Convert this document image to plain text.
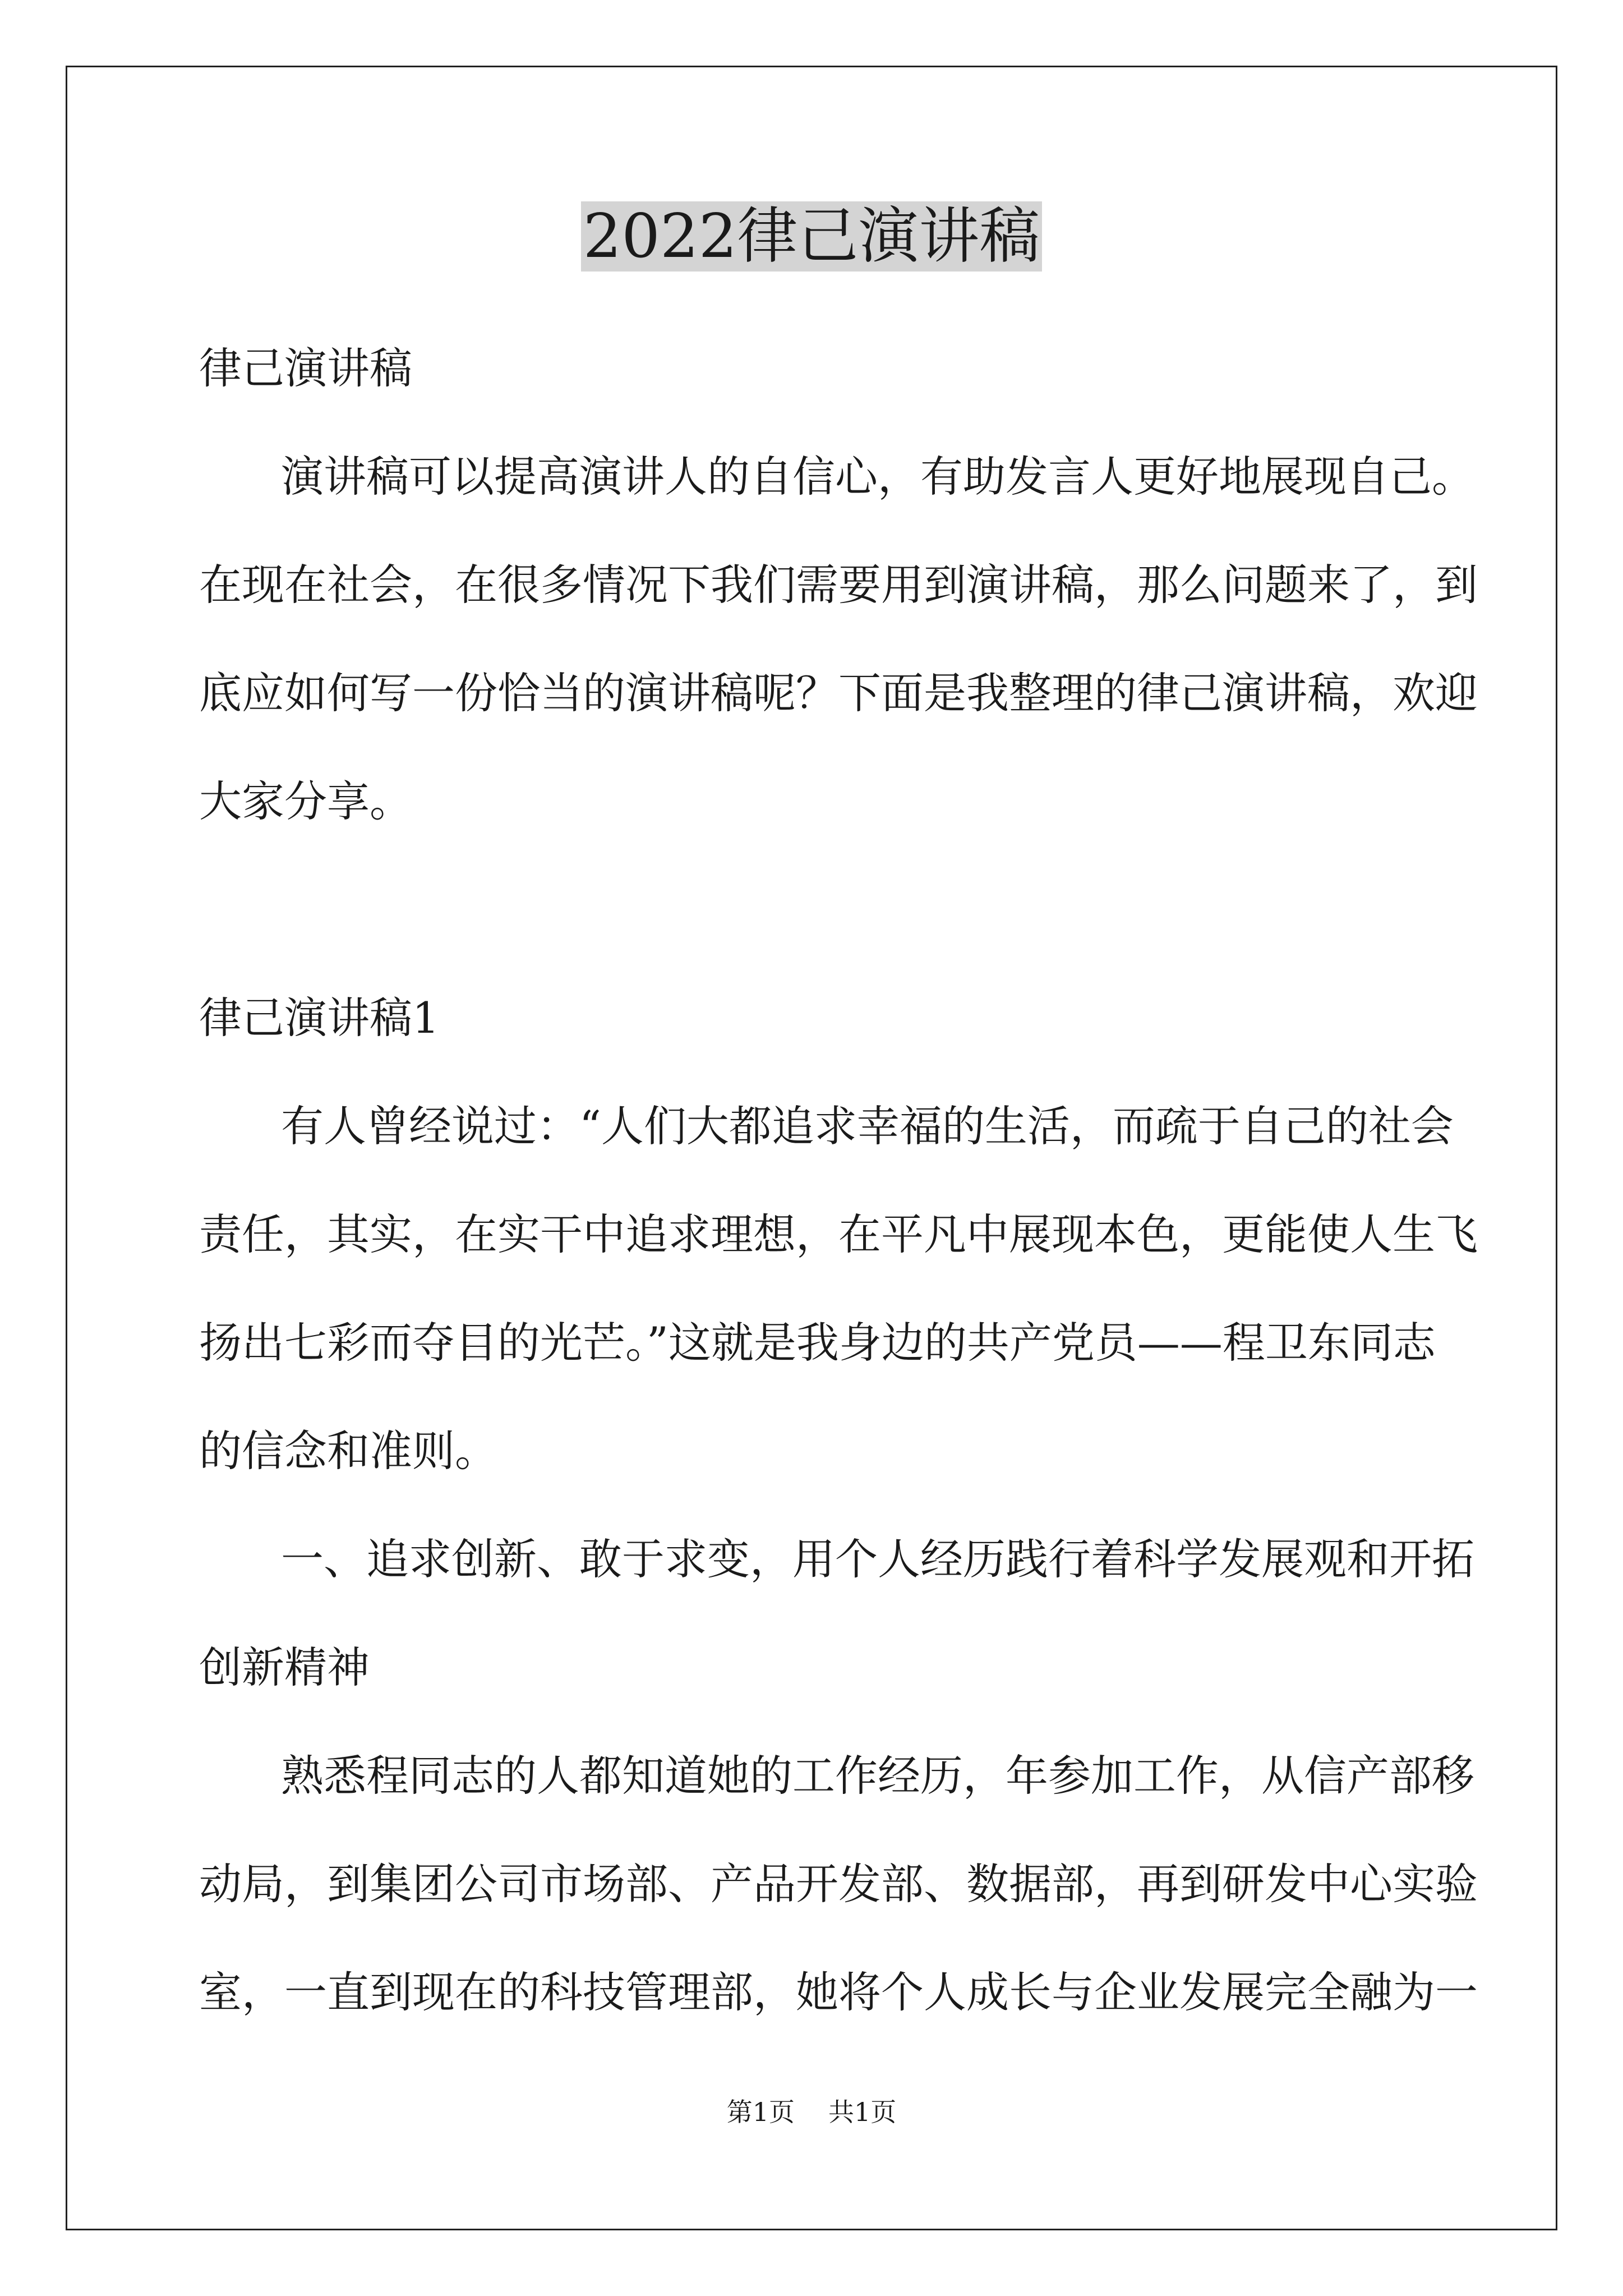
2022律己演讲稿
律己演讲稿
演讲稿可以提高演讲人的自信心，有助发言人更好地展现自己。
在现在社会，在很多情况下我们需要用到演讲稿，那么问题来了，到
底应如何写一份恰当的演讲稿呢？下面是我整理的律己演讲稿，欢迎
大家分享。
律己演讲稿1
有人曾经说过：“人们大都追求幸福的生活，而疏于自己的社会
责任，其实，在实干中追求理想，在平凡中展现本色，更能使人生飞
扬出七彩而夺目的光芒。”这就是我身边的共产党员——程卫东同志
的信念和准则。
一、追求创新、敢于求变，用个人经历践行着科学发展观和开拓
创新精神
熟悉程同志的人都知道她的工作经历，年参加工作，从信产部移
动局，到集团公司市场部、产品开发部、数据部，再到研发中心实验
室，一直到现在的科技管理部，她将个人成长与企业发展完全融为一
第1页 共1页
